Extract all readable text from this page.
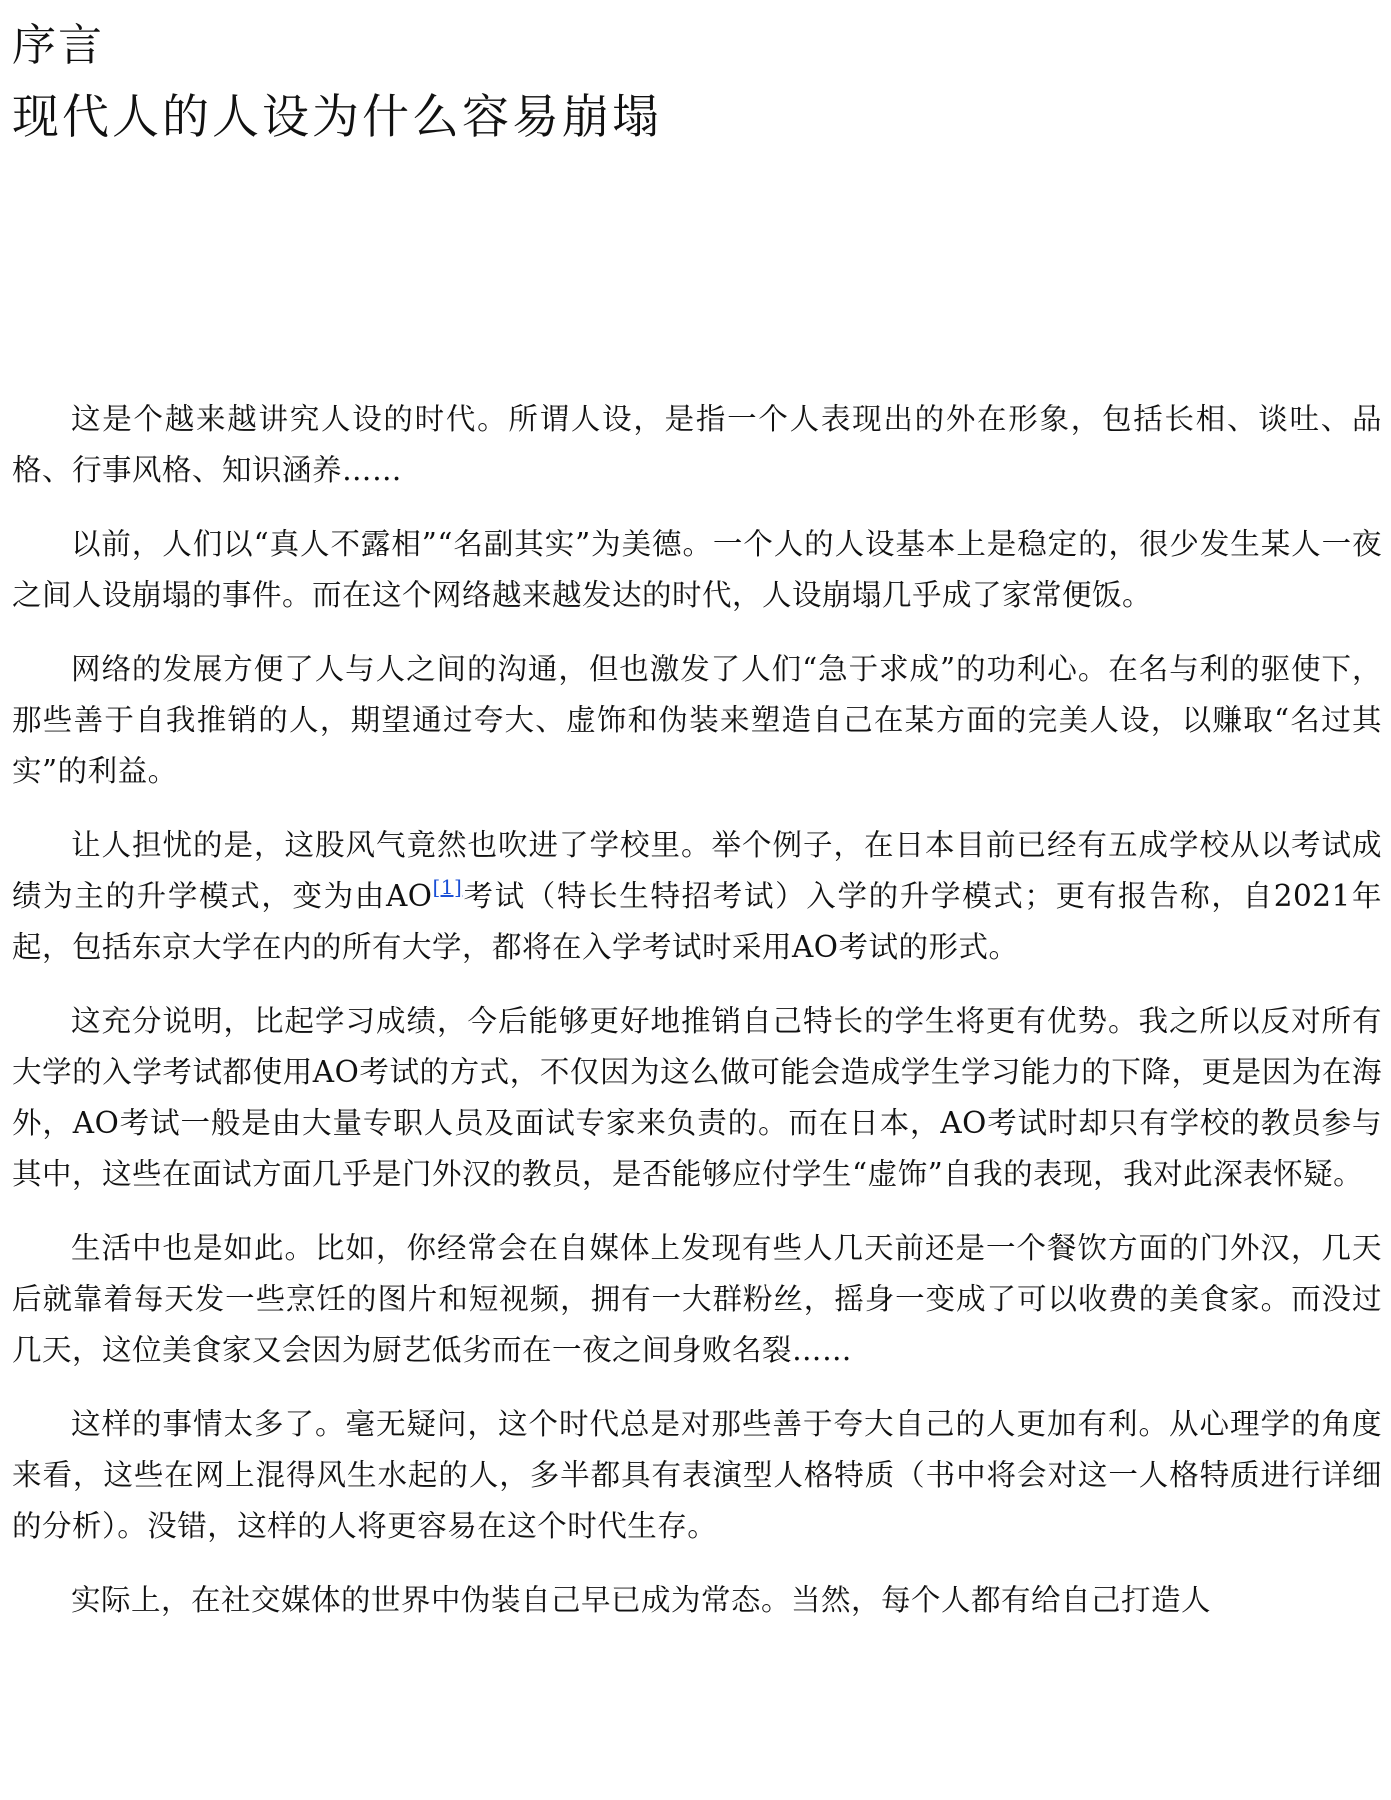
序言
现代人的人设为什么容易崩塌

这是个越来越讲究人设的时代。所谓人设，是指一个人表现出的外在形象，包括长相、谈吐、品格、行事风格、知识涵养……

以前，人们以“真人不露相”“名副其实”为美德。一个人的人设基本上是稳定的，很少发生某人一夜之间人设崩塌的事件。而在这个网络越来越发达的时代，人设崩塌几乎成了家常便饭。

网络的发展方便了人与人之间的沟通，但也激发了人们“急于求成”的功利心。在名与利的驱使下，那些善于自我推销的人，期望通过夸大、虚饰和伪装来塑造自己在某方面的完美人设，以赚取“名过其实”的利益。

让人担忧的是，这股风气竟然也吹进了学校里。举个例子，在日本目前已经有五成学校从以考试成绩为主的升学模式，变为由AO[1]考试（特长生特招考试）入学的升学模式；更有报告称，自2021年起，包括东京大学在内的所有大学，都将在入学考试时采用AO考试的形式。

这充分说明，比起学习成绩，今后能够更好地推销自己特长的学生将更有优势。我之所以反对所有大学的入学考试都使用AO考试的方式，不仅因为这么做可能会造成学生学习能力的下降，更是因为在海外，AO考试一般是由大量专职人员及面试专家来负责的。而在日本，AO考试时却只有学校的教员参与其中，这些在面试方面几乎是门外汉的教员，是否能够应付学生“虚饰”自我的表现，我对此深表怀疑。

生活中也是如此。比如，你经常会在自媒体上发现有些人几天前还是一个餐饮方面的门外汉，几天后就靠着每天发一些烹饪的图片和短视频，拥有一大群粉丝，摇身一变成了可以收费的美食家。而没过几天，这位美食家又会因为厨艺低劣而在一夜之间身败名裂……

这样的事情太多了。毫无疑问，这个时代总是对那些善于夸大自己的人更加有利。从心理学的角度来看，这些在网上混得风生水起的人，多半都具有表演型人格特质（书中将会对这一人格特质进行详细的分析）。没错，这样的人将更容易在这个时代生存。

实际上，在社交媒体的世界中伪装自己早已成为常态。当然，每个人都有给自己打造人
